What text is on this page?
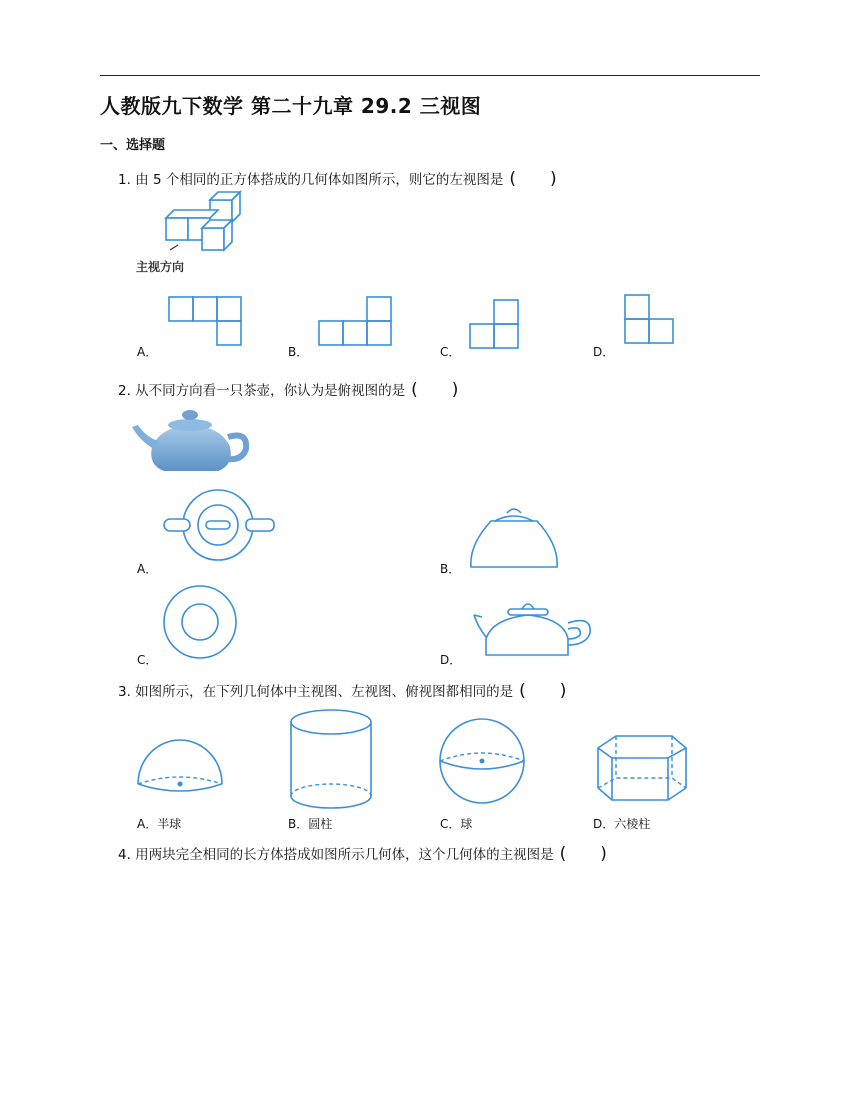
人教版九下数学 第二十九章 29.2 三视图
一、选择题
1. 由 5 个相同的正方体搭成的几何体如图所示，则它的左视图是 (　　)
主视方向
A．	B．	C．	D．
2. 从不同方向看一只茶壶，你认为是俯视图的是 (　　)
A．	B．
C．	D．
3. 如图所示，在下列几何体中主视图、左视图、俯视图都相同的是 (　　)
A．半球	B．圆柱	C．球	D．六棱柱
4. 用两块完全相同的长方体搭成如图所示几何体，这个几何体的主视图是 (　　)
